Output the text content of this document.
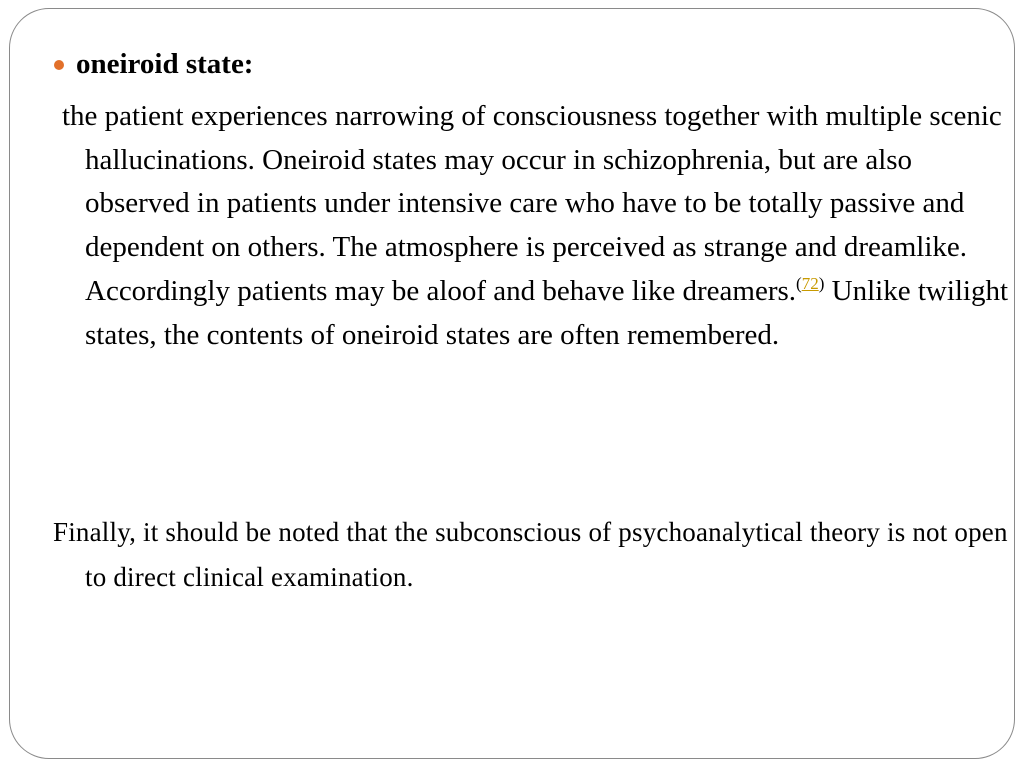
oneiroid state:

the patient experiences narrowing of consciousness together with multiple scenic hallucinations. Oneiroid states may occur in schizophrenia, but are also observed in patients under intensive care who have to be totally passive and dependent on others. The atmosphere is perceived as strange and dreamlike. Accordingly patients may be aloof and behave like dreamers.$^{(72)}$ Unlike twilight states, the contents of oneiroid states are often remembered.

Finally, it should be noted that the subconscious of psychoanalytical theory is not open to direct clinical examination.
